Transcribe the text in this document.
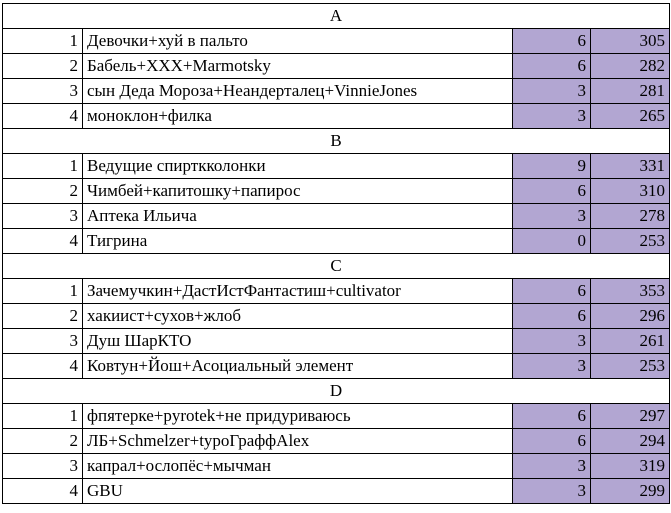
A			
1	Девочки+хуй в пальто	6	305
2	Бабель+XXX+Marmotsky	6	282
3	сын Деда Мороза+Неандерталец+VinnieJones	3	281
4	моноклон+филка	3	265
B			
1	Ведущие спирткколонки	9	331
2	Чимбей+капитошку+папирос	6	310
3	Аптека Ильича	3	278
4	Тигрина	0	253
C			
1	Зачемучкин+ДастИстФантастиш+cultivator	6	353
2	хакиист+сухов+жлоб	6	296
3	Душ ШарКТО	3	261
4	Ковтун+Йош+Асоциальный элемент	3	253
D			
1	фпятерке+pyrotek+не придуриваюсь	6	297
2	ЛБ+Schmelzer+typoГраффAlex	6	294
3	капрал+ослопёс+мычман	3	319
4	GBU	3	299
